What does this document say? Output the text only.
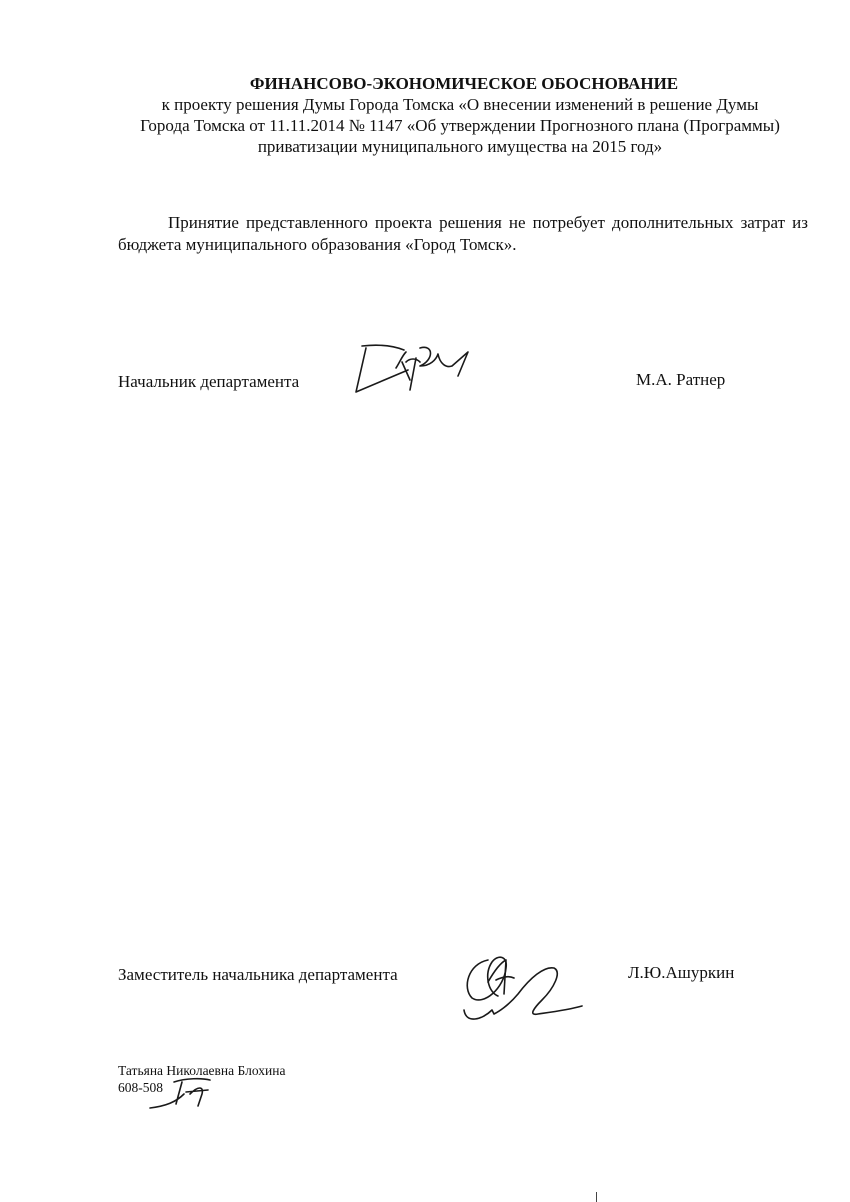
ФИНАНСОВО-ЭКОНОМИЧЕСКОЕ ОБОСНОВАНИЕ
к проекту решения Думы Города Томска «О внесении изменений в решение Думы
Города Томска от 11.11.2014 № 1147 «Об утверждении Прогнозного плана (Программы)
приватизации муниципального имущества на 2015 год»
Принятие представленного проекта решения не потребует дополнительных затрат из бюджета муниципального образования «Город Томск».
Начальник департамента	М.А. Ратнер
Заместитель начальника департамента	Л.Ю.Ашуркин
Татьяна Николаевна Блохина
608-508
